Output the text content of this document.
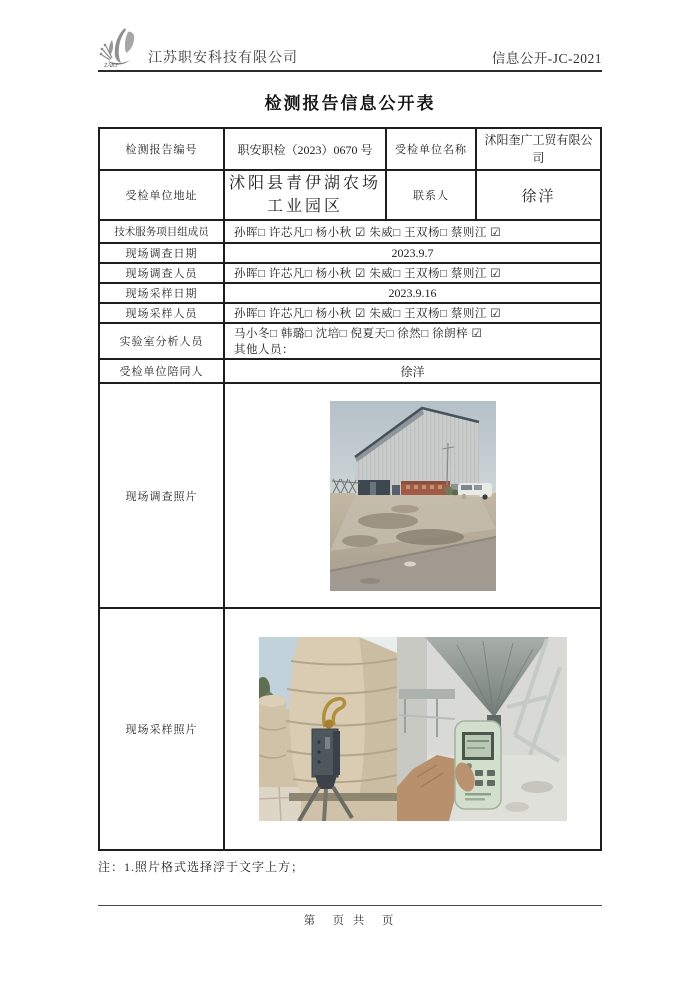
ZAKJ 江苏职安科技有限公司	信息公开-JC-2021
检测报告信息公开表
检测报告编号	职安职检（2023）0670 号	受检单位名称	沭阳奎广工贸有限公司
受检单位地址	沭阳县青伊湖农场工业园区	联系人	徐洋
技术服务项目组成员	孙晖□ 许芯凡□ 杨小秋 ☑ 朱威□ 王双杨□ 蔡则江 ☑		
现场调查日期	2023.9.7		
现场调查人员	孙晖□ 许芯凡□ 杨小秋 ☑ 朱威□ 王双杨□ 蔡则江 ☑		
现场采样日期	2023.9.16		
现场采样人员	孙晖□ 许芯凡□ 杨小秋 ☑ 朱威□ 王双杨□ 蔡则江 ☑		
实验室分析人员	马小冬□ 韩璐□ 沈培□ 倪夏天□ 徐然□ 徐朗梓 ☑
其他人员：		

受检单位陪同人	徐洋		
现场调查照片	

现场采样照片	
注：1.照片格式选择浮于文字上方；
第　页 共　页
